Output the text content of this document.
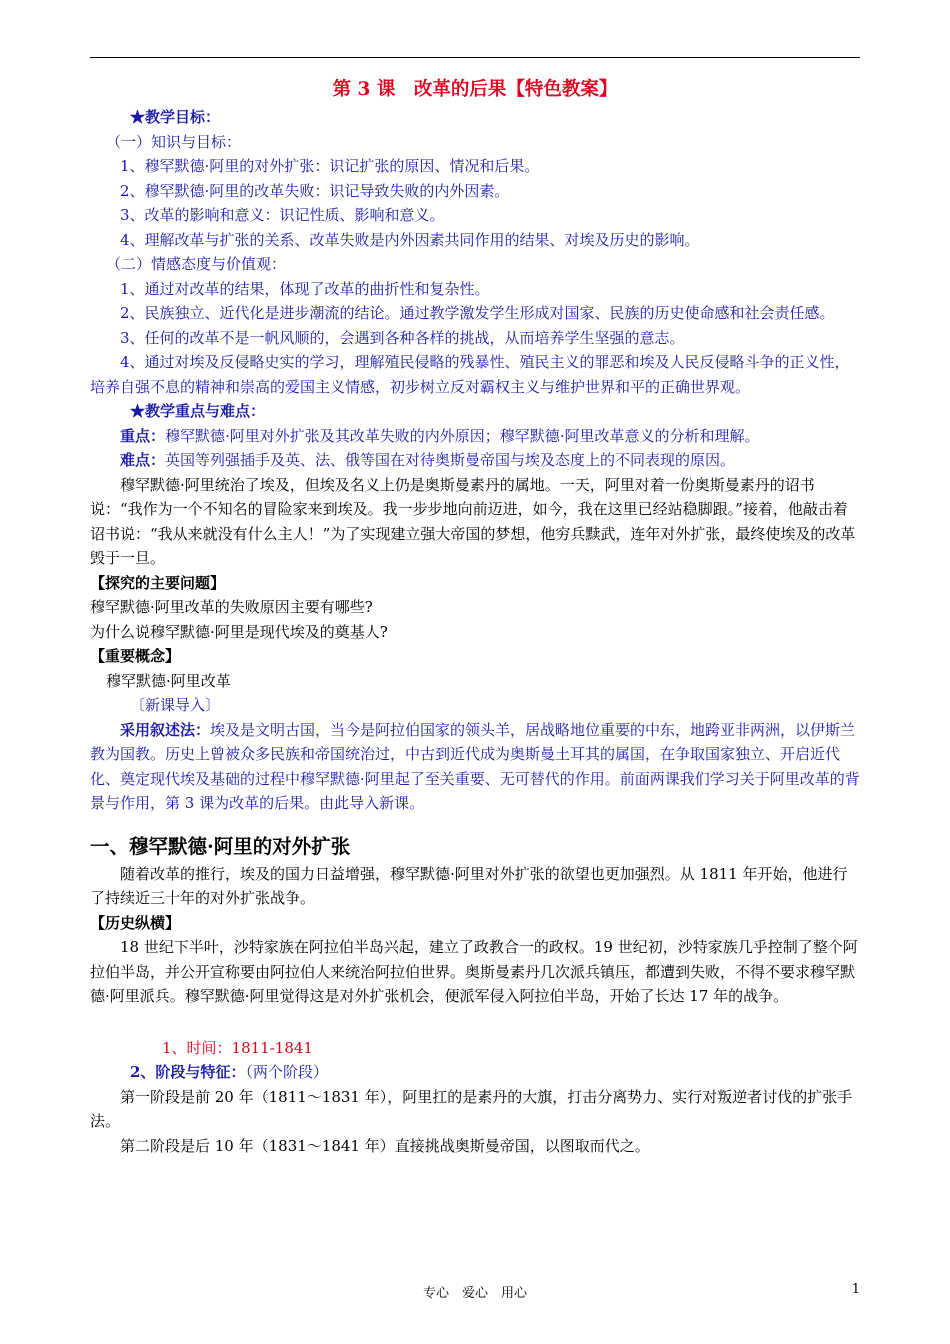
第 3 课　改革的后果【特色教案】

★教学目标：

（一）知识与目标：

1、穆罕默德·阿里的对外扩张：识记扩张的原因、情况和后果。

2、穆罕默德·阿里的改革失败：识记导致失败的内外因素。

3、改革的影响和意义：识记性质、影响和意义。

4、理解改革与扩张的关系、改革失败是内外因素共同作用的结果、对埃及历史的影响。

（二）情感态度与价值观：

1、通过对改革的结果，体现了改革的曲折性和复杂性。

2、民族独立、近代化是进步潮流的结论。通过教学激发学生形成对国家、民族的历史使命感和社会责任感。

3、任何的改革不是一帆风顺的，会遇到各种各样的挑战，从而培养学生坚强的意志。

4、通过对埃及反侵略史实的学习，理解殖民侵略的残暴性、殖民主义的罪恶和埃及人民反侵略斗争的正义性，培养自强不息的精神和崇高的爱国主义情感，初步树立反对霸权主义与维护世界和平的正确世界观。

★教学重点与难点：

重点：穆罕默德·阿里对外扩张及其改革失败的内外原因；穆罕默德·阿里改革意义的分析和理解。

难点：英国等列强插手及英、法、俄等国在对待奥斯曼帝国与埃及态度上的不同表现的原因。

穆罕默德·阿里统治了埃及，但埃及名义上仍是奥斯曼素丹的属地。一天，阿里对着一份奥斯曼素丹的诏书说：“我作为一个不知名的冒险家来到埃及。我一步步地向前迈进，如今，我在这里已经站稳脚跟。”接着，他敲击着诏书说：“我从来就没有什么主人！”为了实现建立强大帝国的梦想，他穷兵黩武，连年对外扩张，最终使埃及的改革毁于一旦。

【探究的主要问题】

穆罕默德·阿里改革的失败原因主要有哪些?

为什么说穆罕默德·阿里是现代埃及的奠基人?

【重要概念】

穆罕默德·阿里改革

〔新课导入〕

采用叙述法：埃及是文明古国，当今是阿拉伯国家的领头羊，居战略地位重要的中东，地跨亚非两洲，以伊斯兰教为国教。历史上曾被众多民族和帝国统治过，中古到近代成为奥斯曼土耳其的属国，在争取国家独立、开启近代化、奠定现代埃及基础的过程中穆罕默德·阿里起了至关重要、无可替代的作用。前面两课我们学习关于阿里改革的背景与作用，第 3 课为改革的后果。由此导入新课。

一、穆罕默德·阿里的对外扩张

随着改革的推行，埃及的国力日益增强，穆罕默德·阿里对外扩张的欲望也更加强烈。从 1811 年开始，他进行了持续近三十年的对外扩张战争。

【历史纵横】

18 世纪下半叶，沙特家族在阿拉伯半岛兴起，建立了政教合一的政权。19 世纪初，沙特家族几乎控制了整个阿拉伯半岛，并公开宣称要由阿拉伯人来统治阿拉伯世界。奥斯曼素丹几次派兵镇压，都遭到失败，不得不要求穆罕默德·阿里派兵。穆罕默德·阿里觉得这是对外扩张机会，便派军侵入阿拉伯半岛，开始了长达 17 年的战争。

1、时间：1811-1841

2、阶段与特征：（两个阶段）

第一阶段是前 20 年（1811～1831 年），阿里扛的是素丹的大旗，打击分离势力、实行对叛逆者讨伐的扩张手法。

第二阶段是后 10 年（1831～1841 年）直接挑战奥斯曼帝国，以图取而代之。

专心　爱心　用心	1
